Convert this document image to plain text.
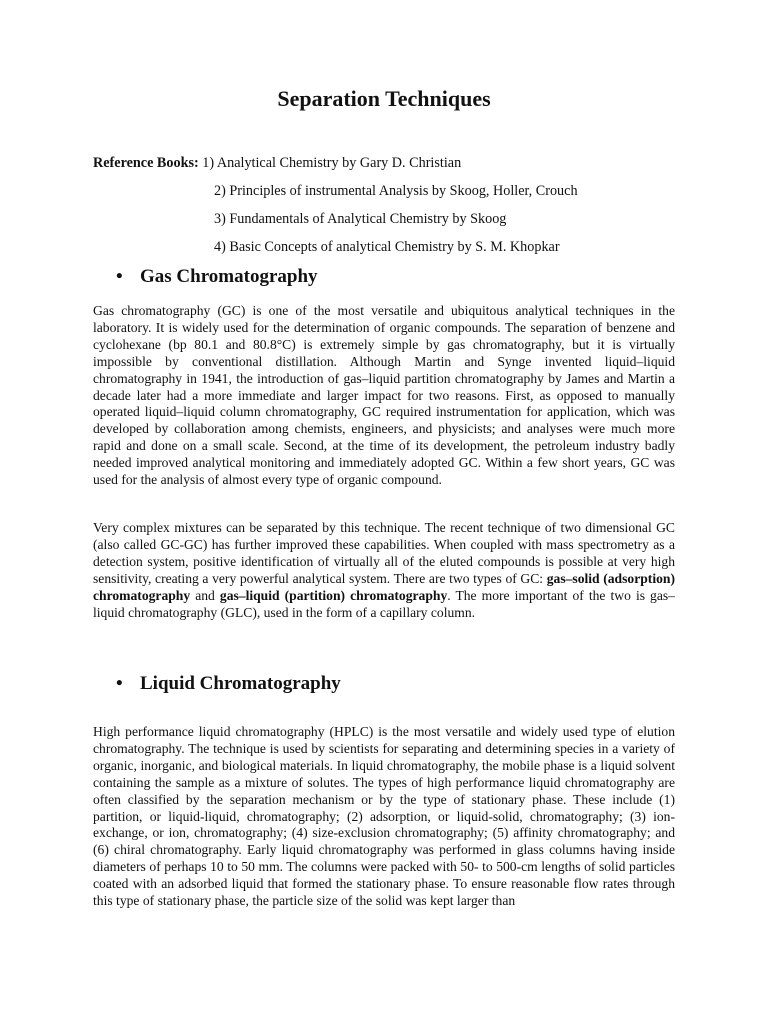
Separation Techniques
Reference Books: 1) Analytical Chemistry by Gary D. Christian
2) Principles of instrumental Analysis by Skoog, Holler, Crouch
3) Fundamentals of Analytical Chemistry by Skoog
4) Basic Concepts of analytical Chemistry by S. M. Khopkar
• Gas Chromatography

Gas chromatography (GC) is one of the most versatile and ubiquitous analytical techniques in the laboratory. It is widely used for the determination of organic compounds. The separation of benzene and cyclohexane (bp 80.1 and 80.8°C) is extremely simple by gas chromatography, but it is virtually impossible by conventional distillation. Although Martin and Synge invented liquid–liquid chromatography in 1941, the introduction of gas–liquid partition chromatography by James and Martin a decade later had a more immediate and larger impact for two reasons. First, as opposed to manually operated liquid–liquid column chromatography, GC required instrumentation for application, which was developed by collaboration among chemists, engineers, and physicists; and analyses were much more rapid and done on a small scale. Second, at the time of its development, the petroleum industry badly needed improved analytical monitoring and immediately adopted GC. Within a few short years, GC was used for the analysis of almost every type of organic compound.

Very complex mixtures can be separated by this technique. The recent technique of two dimensional GC (also called GC-GC) has further improved these capabilities. When coupled with mass spectrometry as a detection system, positive identification of virtually all of the eluted compounds is possible at very high sensitivity, creating a very powerful analytical system. There are two types of GC: gas–solid (adsorption) chromatography and gas–liquid (partition) chromatography. The more important of the two is gas–liquid chromatography (GLC), used in the form of a capillary column.

• Liquid Chromatography

High performance liquid chromatography (HPLC) is the most versatile and widely used type of elution chromatography. The technique is used by scientists for separating and determining species in a variety of organic, inorganic, and biological materials. In liquid chromatography, the mobile phase is a liquid solvent containing the sample as a mixture of solutes. The types of high performance liquid chromatography are often classified by the separation mechanism or by the type of stationary phase. These include (1) partition, or liquid-liquid, chromatography; (2) adsorption, or liquid-solid, chromatography; (3) ion-exchange, or ion, chromatography; (4) size-exclusion chromatography; (5) affinity chromatography; and (6) chiral chromatography. Early liquid chromatography was performed in glass columns having inside diameters of perhaps 10 to 50 mm. The columns were packed with 50- to 500-cm lengths of solid particles coated with an adsorbed liquid that formed the stationary phase. To ensure reasonable flow rates through this type of stationary phase, the particle size of the solid was kept larger than
